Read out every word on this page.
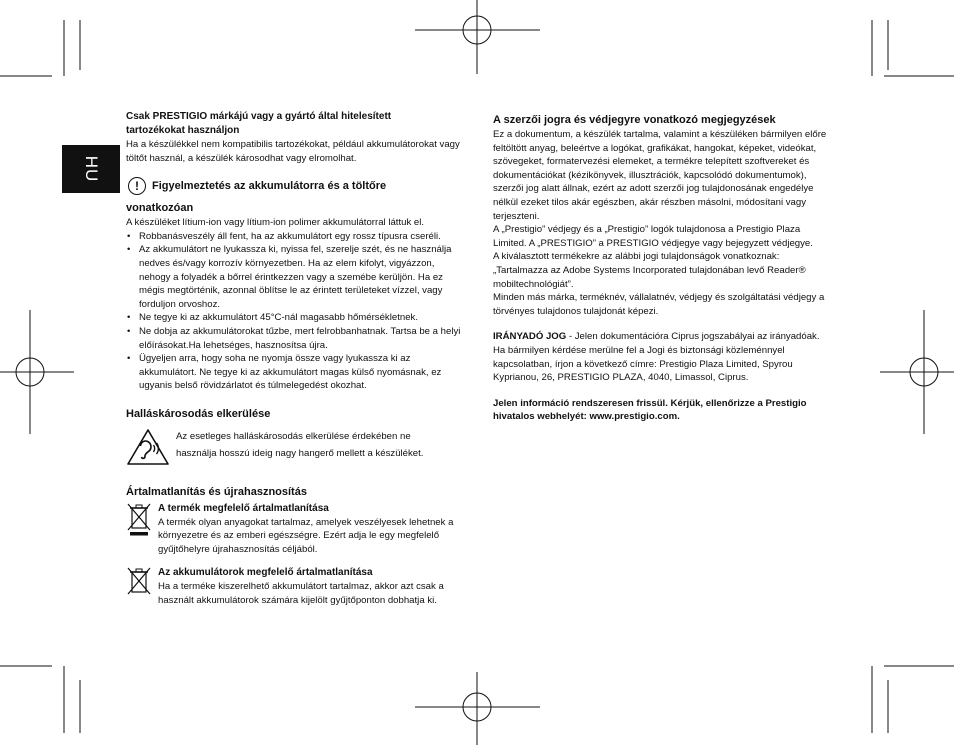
HU

Csak PRESTIGIO márkájú vagy a gyártó által hitelesített

tartozékokat használjon

Ha a készülékkel nem kompatibilis tartozékokat, például akkumulátorokat vagy töltőt használ, a készülék károsodhat vagy elromolhat.

!	Figyelmeztetés az akkumulátorra és a töltőre

vonatkozóan

A készüléket lítium-ion vagy lítium-ion polimer akkumulátorral láttuk el.

• Robbanásveszély áll fent, ha az akkumulátort egy rossz típusra cseréli.
• Az akkumulátort ne lyukassza ki, nyissa fel, szerelje szét, és ne használja nedves és/vagy korrozív környezetben. Ha az elem kifolyt, vigyázzon, nehogy a folyadék a bőrrel érintkezzen vagy a szemébe kerüljön. Ha ez mégis megtörténik, azonnal öblítse le az érintett területeket vízzel, vagy forduljon orvoshoz.
• Ne tegye ki az akkumulátort 45°C-nál magasabb hőmérsékletnek.
• Ne dobja az akkumulátorokat tűzbe, mert felrobbanhatnak. Tartsa be a helyi előírásokat.Ha lehetséges, hasznosítsa újra.
• Ügyeljen arra, hogy soha ne nyomja össze vagy lyukassza ki az akkumulátort. Ne tegye ki az akkumulátort magas külső nyomásnak, ez ugyanis belső rövidzárlatot és túlmelegedést okozhat.

Halláskárosodás elkerülése

Az esetleges halláskárosodás elkerülése érdekében ne

használja hosszú ideig nagy hangerő mellett a készüléket.

Ártalmatlanítás és újrahasznosítás

A termék megfelelő ártalmatlanítása

A termék olyan anyagokat tartalmaz, amelyek veszélyesek lehetnek a környezetre és az emberi egészségre. Ezért adja le egy megfelelő gyűjtőhelyre újrahasznosítás céljából.

Az akkumulátorok megfelelő ártalmatlanítása

Ha a terméke kiszerelhető akkumulátort tartalmaz, akkor azt csak a használt akkumulátorok számára kijelölt gyűjtőponton dobhatja ki.

A szerzői jogra és védjegyre vonatkozó megjegyzések

Ez a dokumentum, a készülék tartalma, valamint a készüléken bármilyen előre feltöltött anyag, beleértve a logókat, grafikákat, hangokat, képeket, videókat, szövegeket, formatervezési elemeket, a termékre telepített szoftvereket és dokumentációkat (kézikönyvek, illusztrációk, kapcsolódó dokumentumok), szerzői jog alatt állnak, ezért az adott szerzői jog tulajdonosának engedélye nélkül ezeket tilos akár egészben, akár részben másolni, módosítani vagy terjeszteni.

A „Prestigio” védjegy és a „Prestigio” logók tulajdonosa a Prestigio Plaza Limited. A „PRESTIGIO” a PRESTIGIO védjegye vagy bejegyzett védjegye.

A kiválasztott termékekre az alábbi jogi tulajdonságok vonatkoznak:

„Tartalmazza az Adobe Systems Incorporated tulajdonában levő Reader® mobiltechnológiát”.

Minden más márka, terméknév, vállalatnév, védjegy és szolgáltatási védjegy a törvényes tulajdonos tulajdonát képezi.

IRÁNYADÓ JOG - Jelen dokumentációra Ciprus jogszabályai az irányadóak. Ha bármilyen kérdése merülne fel a Jogi és biztonsági közleménnyel kapcsolatban, írjon a következő címre: Prestigio Plaza Limited, Spyrou Kyprianou, 26, PRESTIGIO PLAZA, 4040, Limassol, Ciprus.

Jelen információ rendszeresen frissül. Kérjük, ellenőrizze a Prestigio hivatalos webhelyét: www.prestigio.com.
